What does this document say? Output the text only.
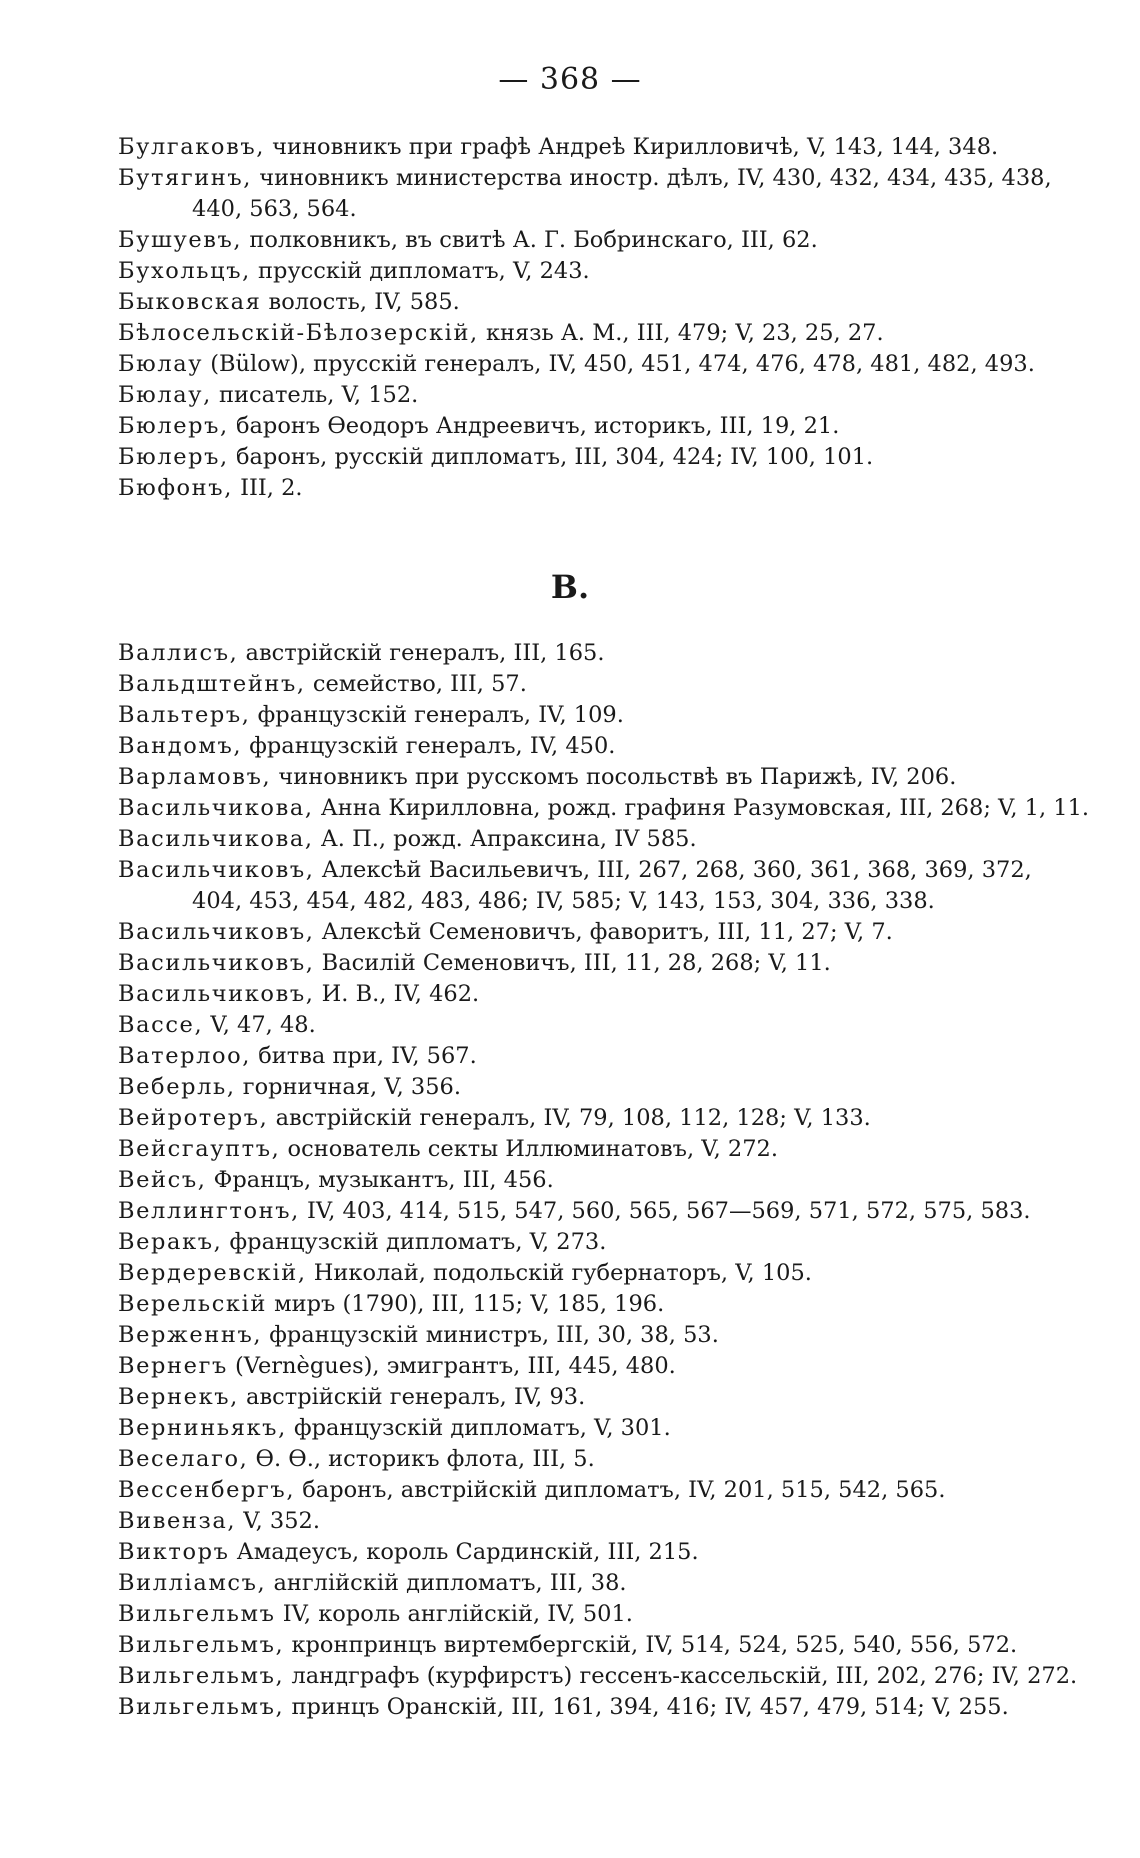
— 368 —
Булгаковъ, чиновникъ при графѣ Андреѣ Кирилловичѣ, V, 143, 144, 348.
Бутягинъ, чиновникъ министерства иностр. дѣлъ, IV, 430, 432, 434, 435, 438,
440, 563, 564.
Бушуевъ, полковникъ, въ свитѣ А. Г. Бобринскаго, III, 62.
Бухольцъ, прусскій дипломатъ, V, 243.
Быковская волость, IV, 585.
Бѣлосельскій-Бѣлозерскій, князь А. М., III, 479; V, 23, 25, 27.
Бюлау (Bülow), прусскій генералъ, IV, 450, 451, 474, 476, 478, 481, 482, 493.
Бюлау, писатель, V, 152.
Бюлеръ, баронъ Ѳеодоръ Андреевичъ, историкъ, III, 19, 21.
Бюлеръ, баронъ, русскій дипломатъ, III, 304, 424; IV, 100, 101.
Бюфонъ, III, 2.
В.
Валлисъ, австрійскій генералъ, III, 165.
Вальдштейнъ, семейство, III, 57.
Вальтеръ, французскій генералъ, IV, 109.
Вандомъ, французскій генералъ, IV, 450.
Варламовъ, чиновникъ при русскомъ посольствѣ въ Парижѣ, IV, 206.
Васильчикова, Анна Кирилловна, рожд. графиня Разумовская, III, 268; V, 1, 11.
Васильчикова, А. П., рожд. Апраксина, IV 585.
Васильчиковъ, Алексѣй Васильевичъ, III, 267, 268, 360, 361, 368, 369, 372,
404, 453, 454, 482, 483, 486; IV, 585; V, 143, 153, 304, 336, 338.
Васильчиковъ, Алексѣй Семеновичъ, фаворитъ, III, 11, 27; V, 7.
Васильчиковъ, Василій Семеновичъ, III, 11, 28, 268; V, 11.
Васильчиковъ, И. В., IV, 462.
Вассе, V, 47, 48.
Ватерлоо, битва при, IV, 567.
Веберль, горничная, V, 356.
Вейротеръ, австрійскій генералъ, IV, 79, 108, 112, 128; V, 133.
Вейсгауптъ, основатель секты Иллюминатовъ, V, 272.
Вейсъ, Францъ, музыкантъ, III, 456.
Веллингтонъ, IV, 403, 414, 515, 547, 560, 565, 567—569, 571, 572, 575, 583.
Веракъ, французскій дипломатъ, V, 273.
Вердеревскій, Николай, подольскій губернаторъ, V, 105.
Верельскій миръ (1790), III, 115; V, 185, 196.
Верженнъ, французскій министръ, III, 30, 38, 53.
Вернегъ (Vernègues), эмигрантъ, III, 445, 480.
Вернекъ, австрійскій генералъ, IV, 93.
Верниньякъ, французскій дипломатъ, V, 301.
Веселаго, Ѳ. Ѳ., историкъ флота, III, 5.
Вессенбергъ, баронъ, австрійскій дипломатъ, IV, 201, 515, 542, 565.
Вивенза, V, 352.
Викторъ Амадеусъ, король Сардинскій, III, 215.
Вилліамсъ, англійскій дипломатъ, III, 38.
Вильгельмъ IV, король англійскій, IV, 501.
Вильгельмъ, кронпринцъ виртембергскій, IV, 514, 524, 525, 540, 556, 572.
Вильгельмъ, ландграфъ (курфирстъ) гессенъ-кассельскій, III, 202, 276; IV, 272.
Вильгельмъ, принцъ Оранскій, III, 161, 394, 416; IV, 457, 479, 514; V, 255.
